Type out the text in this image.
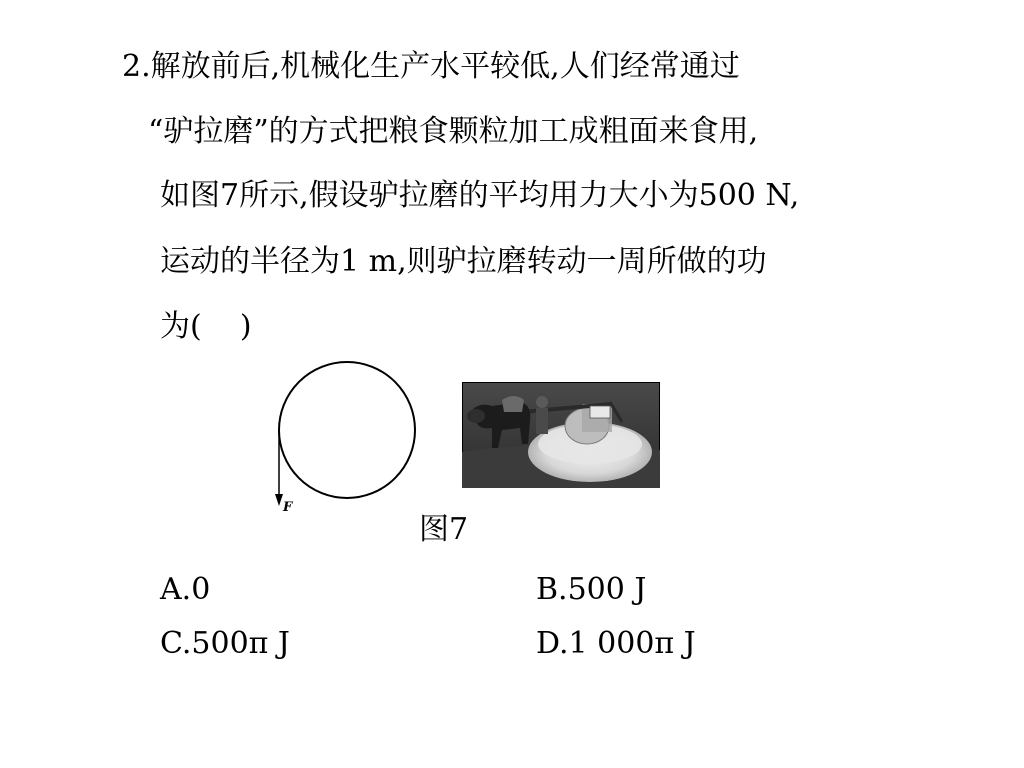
2.解放前后,机械化生产水平较低,人们经常通过
“驴拉磨”的方式把粮食颗粒加工成粗面来食用,
如图7所示,假设驴拉磨的平均用力大小为500 N,
运动的半径为1 m,则驴拉磨转动一周所做的功
为(    )
F
图7
A.0	B.500 J
C.500π J	D.1 000π J
